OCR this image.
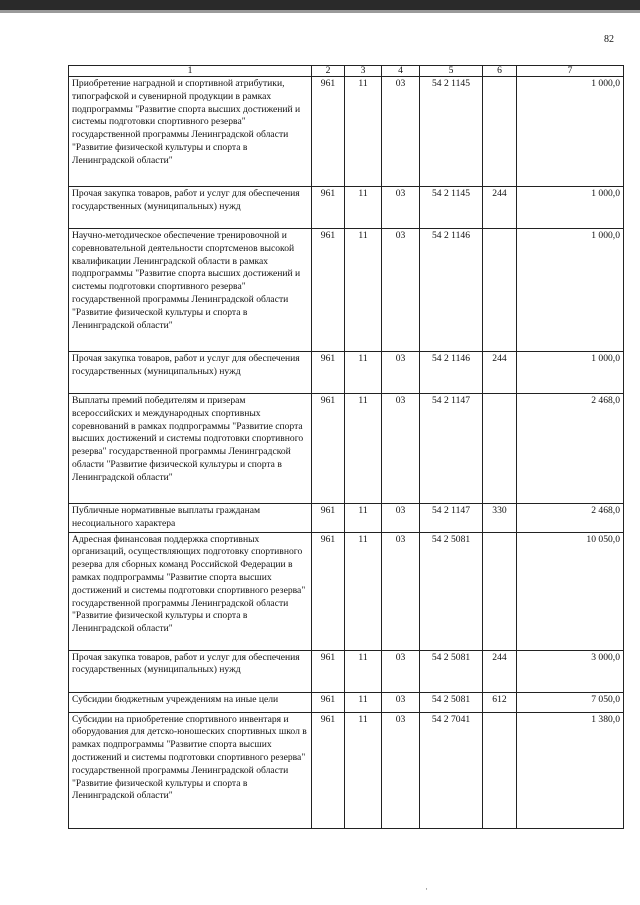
82
1	2	3	4	5	6	7
Приобретение наградной и спортивной атрибутики, типографской и сувенирной продукции в рамках подпрограммы "Развитие спорта высших достижений и системы подготовки спортивного резерва" государственной программы Ленинградской области "Развитие физической культуры и спорта в Ленинградской области"	961	11	03	54 2 1145		1 000,0
Прочая закупка товаров, работ и услуг для обеспечения государственных (муниципальных) нужд	961	11	03	54 2 1145	244	1 000,0
Научно-методическое обеспечение тренировочной и соревновательной деятельности спортсменов высокой квалификации Ленинградской области в рамках подпрограммы "Развитие спорта высших достижений и системы подготовки спортивного резерва" государственной программы Ленинградской области "Развитие физической культуры и спорта в Ленинградской области"	961	11	03	54 2 1146		1 000,0
Прочая закупка товаров, работ и услуг для обеспечения государственных (муниципальных) нужд	961	11	03	54 2 1146	244	1 000,0
Выплаты премий победителям и призерам всероссийских и международных спортивных соревнований в рамках подпрограммы "Развитие спорта высших достижений и системы подготовки спортивного резерва" государственной программы Ленинградской области "Развитие физической культуры и спорта в Ленинградской области"	961	11	03	54 2 1147		2 468,0
Публичные нормативные выплаты гражданам несоциального характера	961	11	03	54 2 1147	330	2 468,0
Адресная финансовая поддержка спортивных организаций, осуществляющих подготовку спортивного резерва для сборных команд Российской Федерации в рамках подпрограммы "Развитие спорта высших достижений и системы подготовки спортивного резерва" государственной программы Ленинградской области "Развитие физической культуры и спорта в Ленинградской области"	961	11	03	54 2 5081		10 050,0
Прочая закупка товаров, работ и услуг для обеспечения государственных (муниципальных) нужд	961	11	03	54 2 5081	244	3 000,0
Субсидии бюджетным учреждениям на иные цели	961	11	03	54 2 5081	612	7 050,0
Субсидии на приобретение спортивного инвентаря и оборудования для детско-юношеских спортивных школ в рамках подпрограммы "Развитие спорта высших достижений и системы подготовки спортивного резерва" государственной программы Ленинградской области "Развитие физической культуры и спорта в Ленинградской области"	961	11	03	54 2 7041		1 380,0
·
